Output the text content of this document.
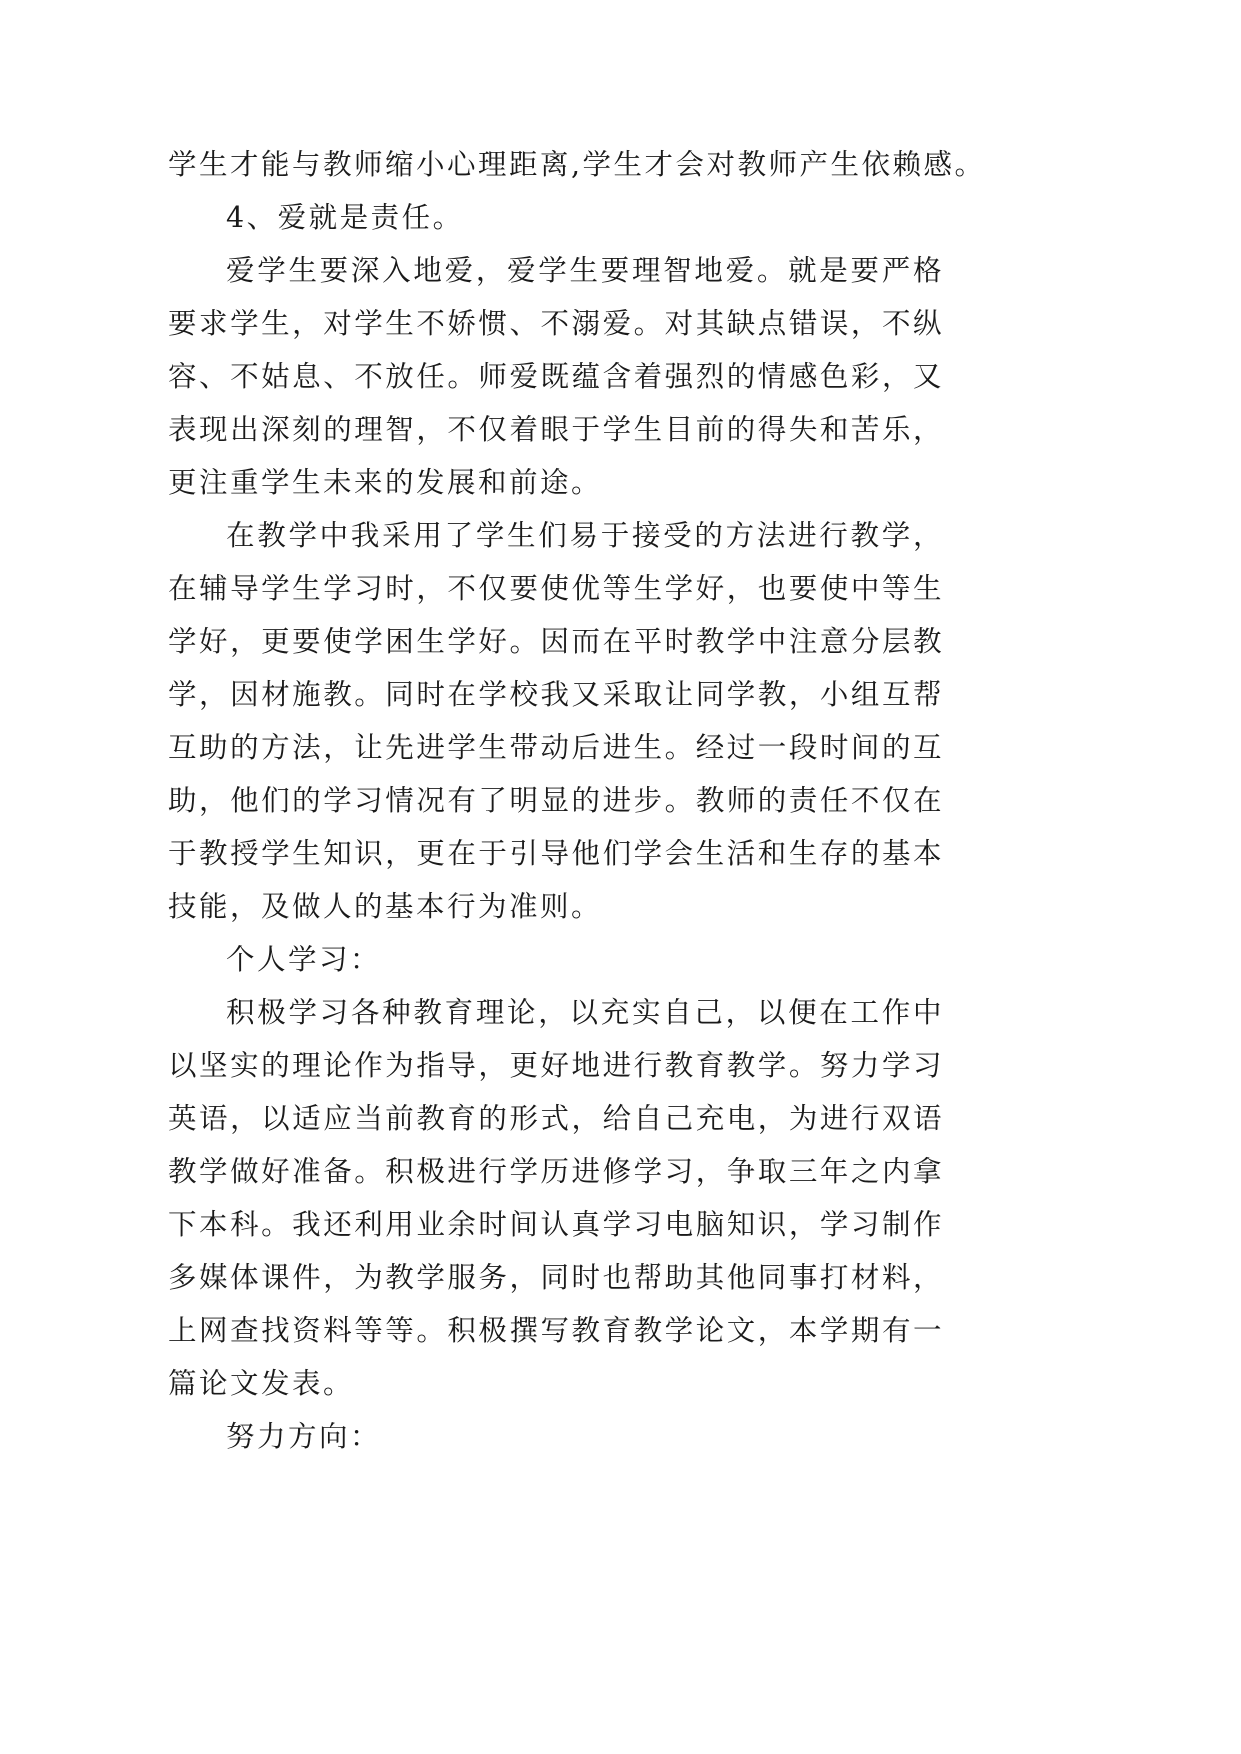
学生才能与教师缩小心理距离,学生才会对教师产生依赖感。

4、爱就是责任。

爱学生要深入地爱，爱学生要理智地爱。就是要严格要求学生，对学生不娇惯、不溺爱。对其缺点错误，不纵容、不姑息、不放任。师爱既蕴含着强烈的情感色彩，又表现出深刻的理智，不仅着眼于学生目前的得失和苦乐，更注重学生未来的发展和前途。

在教学中我采用了学生们易于接受的方法进行教学，在辅导学生学习时，不仅要使优等生学好，也要使中等生学好，更要使学困生学好。因而在平时教学中注意分层教学，因材施教。同时在学校我又采取让同学教，小组互帮互助的方法，让先进学生带动后进生。经过一段时间的互助，他们的学习情况有了明显的进步。教师的责任不仅在于教授学生知识，更在于引导他们学会生活和生存的基本技能，及做人的基本行为准则。

个人学习：

积极学习各种教育理论，以充实自己，以便在工作中以坚实的理论作为指导，更好地进行教育教学。努力学习英语，以适应当前教育的形式，给自己充电，为进行双语教学做好准备。积极进行学历进修学习，争取三年之内拿下本科。我还利用业余时间认真学习电脑知识，学习制作多媒体课件，为教学服务，同时也帮助其他同事打材料，上网查找资料等等。积极撰写教育教学论文，本学期有一篇论文发表。

努力方向：
